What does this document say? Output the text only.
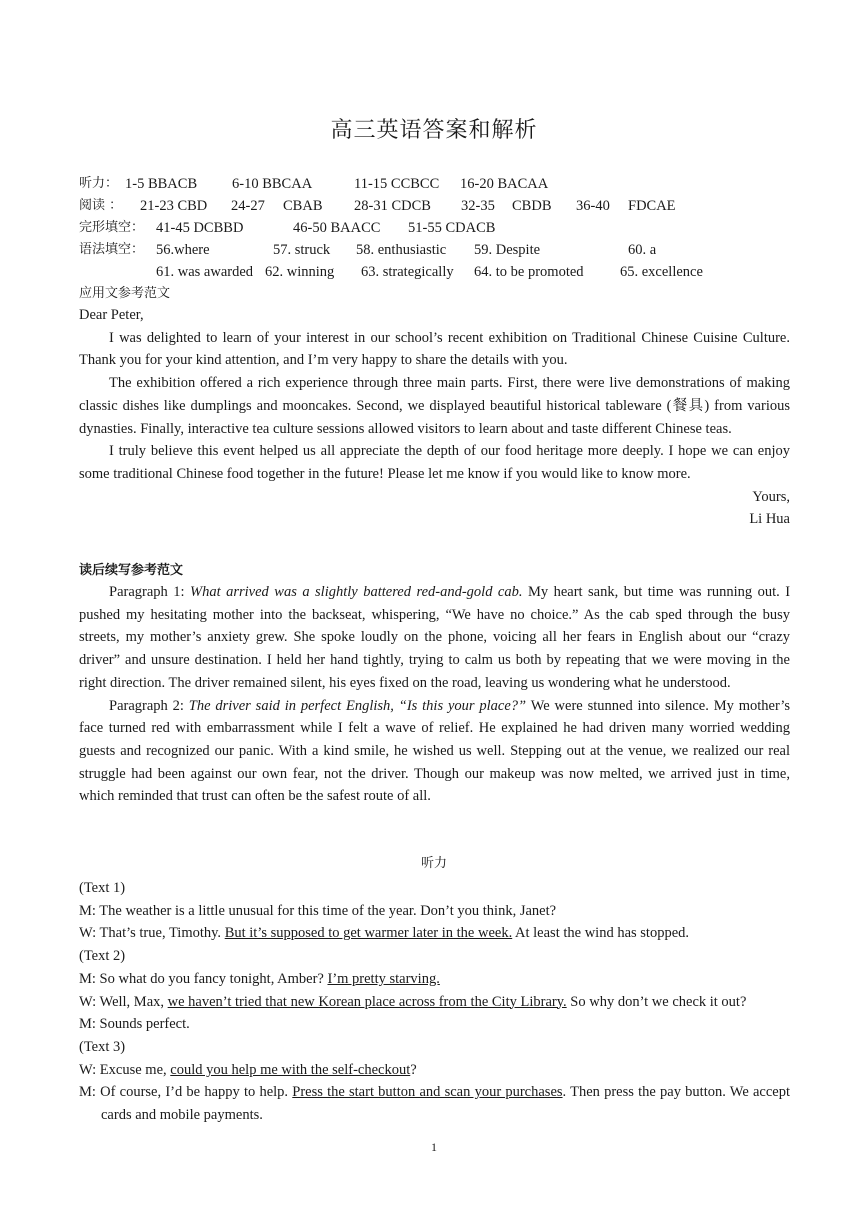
高三英语答案和解析
听力： 1-5 BBACB 6-10 BBCAA	11-15 CCBCC 16-20 BACAA
阅读 ： 21-23 CBD 24-27 CBAB 28-31 CDCB 32-35 CBDB 36-40 FDCAE
完形填空： 41-45 DCBBD	46-50 BAACC 51-55 CDACB
语法填空： 56.where	57. struck 58. enthusiastic 59. Despite	60. a
61. was awarded 62. winning 63. strategically 64. to be promoted	65. excellence
应用文参考范文

Dear Peter,

I was delighted to learn of your interest in our school’s recent exhibition on Traditional Chinese Cuisine Culture. Thank you for your kind attention, and I’m very happy to share the details with you.

The exhibition offered a rich experience through three main parts. First, there were live demonstrations of making classic dishes like dumplings and mooncakes. Second, we displayed beautiful historical tableware (餐具) from various dynasties. Finally, interactive tea culture sessions allowed visitors to learn about and taste different Chinese teas.

I truly believe this event helped us all appreciate the depth of our food heritage more deeply. I hope we can enjoy some traditional Chinese food together in the future! Please let me know if you would like to know more.

Yours,

Li Hua

读后续写参考范文

Paragraph 1: What arrived was a slightly battered red-and-gold cab. My heart sank, but time was running out. I pushed my hesitating mother into the backseat, whispering, “We have no choice.” As the cab sped through the busy streets, my mother’s anxiety grew. She spoke loudly on the phone, voicing all her fears in English about our “crazy driver” and unsure destination. I held her hand tightly, trying to calm us both by repeating that we were moving in the right direction. The driver remained silent, his eyes fixed on the road, leaving us wondering what he understood.

Paragraph 2: The driver said in perfect English, “Is this your place?” We were stunned into silence. My mother’s face turned red with embarrassment while I felt a wave of relief. He explained he had driven many worried wedding guests and recognized our panic. With a kind smile, he wished us well. Stepping out at the venue, we realized our real struggle had been against our own fear, not the driver. Though our makeup was now melted, we arrived just in time, which reminded that trust can often be the safest route of all.

听力

(Text 1)

M: The weather is a little unusual for this time of the year. Don’t you think, Janet?

W: That’s true, Timothy. But it’s supposed to get warmer later in the week. At least the wind has stopped.

(Text 2)

M: So what do you fancy tonight, Amber? I’m pretty starving.

W: Well, Max, we haven’t tried that new Korean place across from the City Library. So why don’t we check it out?

M: Sounds perfect.

(Text 3)

W: Excuse me, could you help me with the self-checkout?

M: Of course, I’d be happy to help. Press the start button and scan your purchases. Then press the pay button. We accept cards and mobile payments.

1
